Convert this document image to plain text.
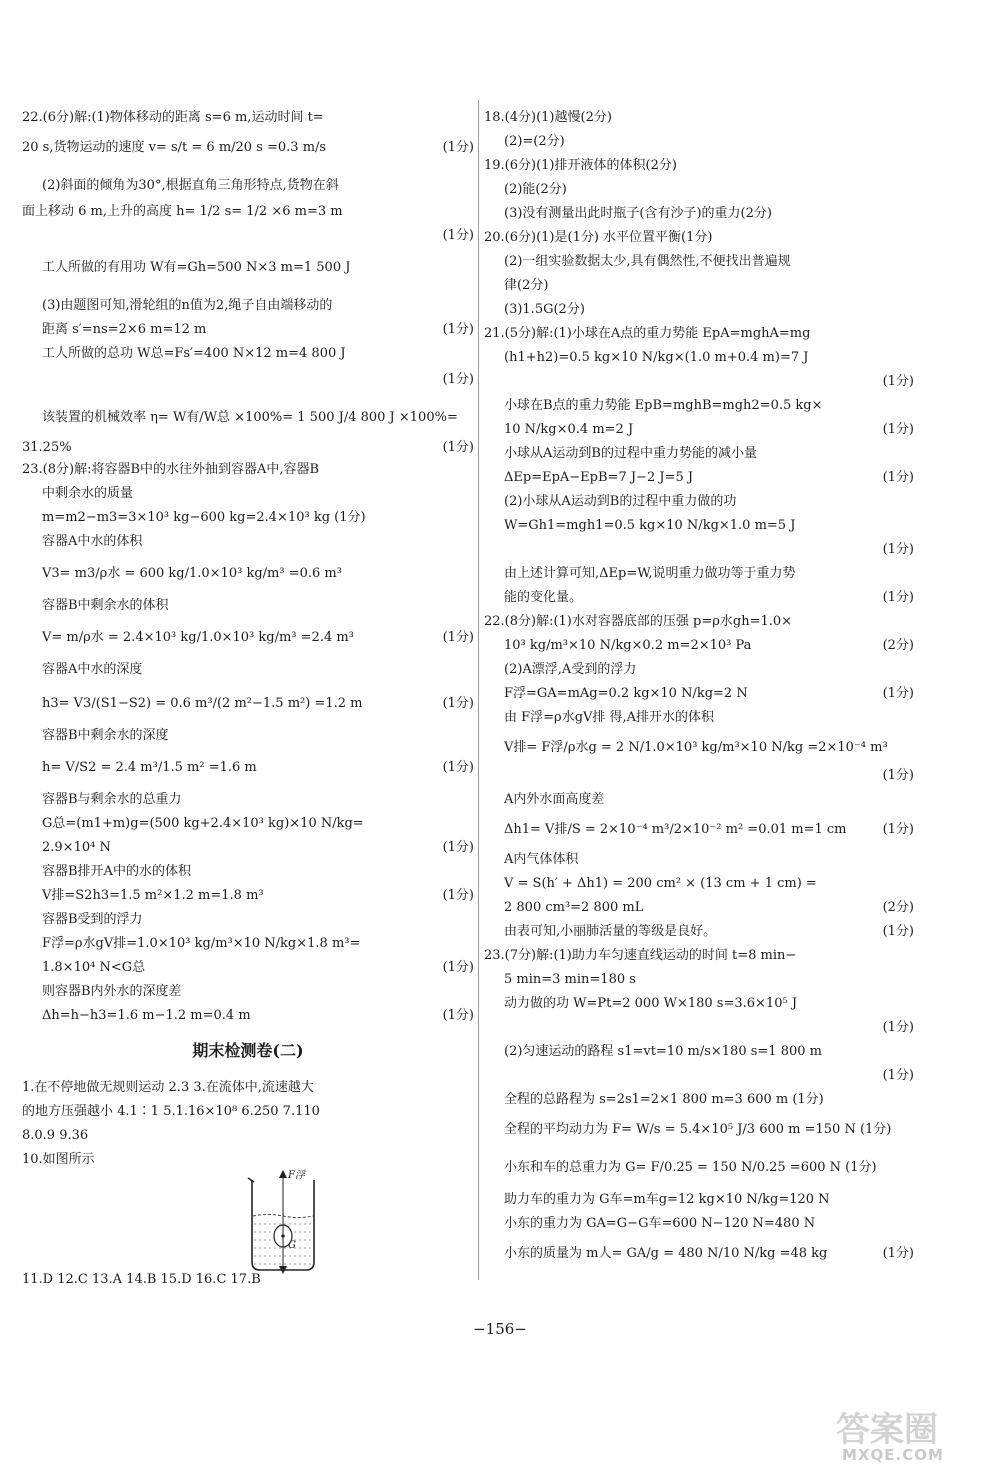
期末检测卷(二)
F浮
G
22.(6分)解:(1)物体移动的距离 s=6 m,运动时间 t=
20 s,货物运动的速度 v= s/t = 6 m/20 s =0.3 m/s	(1分)
(2)斜面的倾角为30°,根据直角三角形特点,货物在斜
面上移动 6 m,上升的高度 h= 1/2 s= 1/2 ×6 m=3 m
(1分)
工人所做的有用功 W有=Gh=500 N×3 m=1 500 J
(3)由题图可知,滑轮组的n值为2,绳子自由端移动的
距离 s′=ns=2×6 m=12 m	(1分)
工人所做的总功 W总=Fs′=400 N×12 m=4 800 J
(1分)
该装置的机械效率 η= W有/W总 ×100%= 1 500 J/4 800 J ×100%=
31.25%	(1分)
23.(8分)解:将容器B中的水往外抽到容器A中,容器B
中剩余水的质量
m=m2−m3=3×10³ kg−600 kg=2.4×10³ kg (1分)
容器A中水的体积
V3= m3/ρ水 = 600 kg/1.0×10³ kg/m³ =0.6 m³
容器B中剩余水的体积
V= m/ρ水 = 2.4×10³ kg/1.0×10³ kg/m³ =2.4 m³	(1分)
容器A中水的深度
h3= V3/(S1−S2) = 0.6 m³/(2 m²−1.5 m²) =1.2 m	(1分)
容器B中剩余水的深度
h= V/S2 = 2.4 m³/1.5 m² =1.6 m	(1分)
容器B与剩余水的总重力
G总=(m1+m)g=(500 kg+2.4×10³ kg)×10 N/kg=
2.9×10⁴ N	(1分)
容器B排开A中的水的体积
V排=S2h3=1.5 m²×1.2 m=1.8 m³	(1分)
容器B受到的浮力
F浮=ρ水gV排=1.0×10³ kg/m³×10 N/kg×1.8 m³=
1.8×10⁴ N<G总	(1分)
则容器B内外水的深度差
Δh=h−h3=1.6 m−1.2 m=0.4 m	(1分)
1.在不停地做无规则运动 2.3 3.在流体中,流速越大
的地方压强越小 4.1∶1 5.1.16×10⁸ 6.250 7.110
8.0.9 9.36
10.如图所示
11.D 12.C 13.A 14.B 15.D 16.C 17.B
18.(4分)(1)越慢(2分)
(2)=(2分)
19.(6分)(1)排开液体的体积(2分)
(2)能(2分)
(3)没有测量出此时瓶子(含有沙子)的重力(2分)
20.(6分)(1)是(1分) 水平位置平衡(1分)
(2)一组实验数据太少,具有偶然性,不便找出普遍规
律(2分)
(3)1.5G(2分)
21.(5分)解:(1)小球在A点的重力势能 EpA=mghA=mg
(h1+h2)=0.5 kg×10 N/kg×(1.0 m+0.4 m)=7 J
(1分)
小球在B点的重力势能 EpB=mghB=mgh2=0.5 kg×
10 N/kg×0.4 m=2 J	(1分)
小球从A运动到B的过程中重力势能的减小量
ΔEp=EpA−EpB=7 J−2 J=5 J	(1分)
(2)小球从A运动到B的过程中重力做的功
W=Gh1=mgh1=0.5 kg×10 N/kg×1.0 m=5 J
(1分)
由上述计算可知,ΔEp=W,说明重力做功等于重力势
能的变化量。	(1分)
22.(8分)解:(1)水对容器底部的压强 p=ρ水gh=1.0×
10³ kg/m³×10 N/kg×0.2 m=2×10³ Pa	(2分)
(2)A漂浮,A受到的浮力
F浮=GA=mAg=0.2 kg×10 N/kg=2 N	(1分)
由 F浮=ρ水gV排 得,A排开水的体积
V排= F浮/ρ水g = 2 N/1.0×10³ kg/m³×10 N/kg =2×10⁻⁴ m³
(1分)
A内外水面高度差
Δh1= V排/S = 2×10⁻⁴ m³/2×10⁻² m² =0.01 m=1 cm	(1分)
A内气体体积
V = S(h′ + Δh1) = 200 cm² × (13 cm + 1 cm) =
2 800 cm³=2 800 mL	(2分)
由表可知,小丽肺活量的等级是良好。	(1分)
23.(7分)解:(1)助力车匀速直线运动的时间 t=8 min−
5 min=3 min=180 s
动力做的功 W=Pt=2 000 W×180 s=3.6×10⁵ J
(1分)
(2)匀速运动的路程 s1=vt=10 m/s×180 s=1 800 m
(1分)
全程的总路程为 s=2s1=2×1 800 m=3 600 m (1分)
全程的平均动力为 F= W/s = 5.4×10⁵ J/3 600 m =150 N (1分)
小东和车的总重力为 G= F/0.25 = 150 N/0.25 =600 N (1分)
助力车的重力为 G车=m车g=12 kg×10 N/kg=120 N
小东的重力为 GA=G−G车=600 N−120 N=480 N
小东的质量为 m人= GA/g = 480 N/10 N/kg =48 kg	(1分)
−156−
答案圈
MXQE.COM
